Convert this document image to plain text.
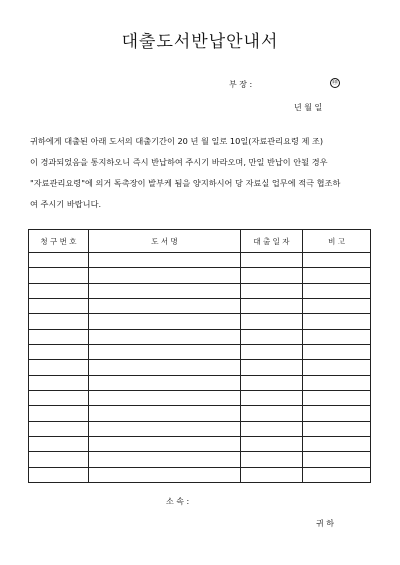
대출도서반납안내서
부 장 :	㊞
년 월 일

귀하에게 대출된 아래 도서의 대출기간이 20 년 월 일로 10일(자료관리요령 제 조)

이 경과되었음을 통지하오니 즉시 반납하여 주시기 바라오며, 만일 반납이 안될 경우

"자료관리요령"에 의거 독촉장이 발부케 됨을 양지하시어 당 자료실 업무에 적극 협조하

여 주시기 바랍니다.

청 구 번 호	도 서 명	대 출 일 자	비 고

소 속 :
귀 하
